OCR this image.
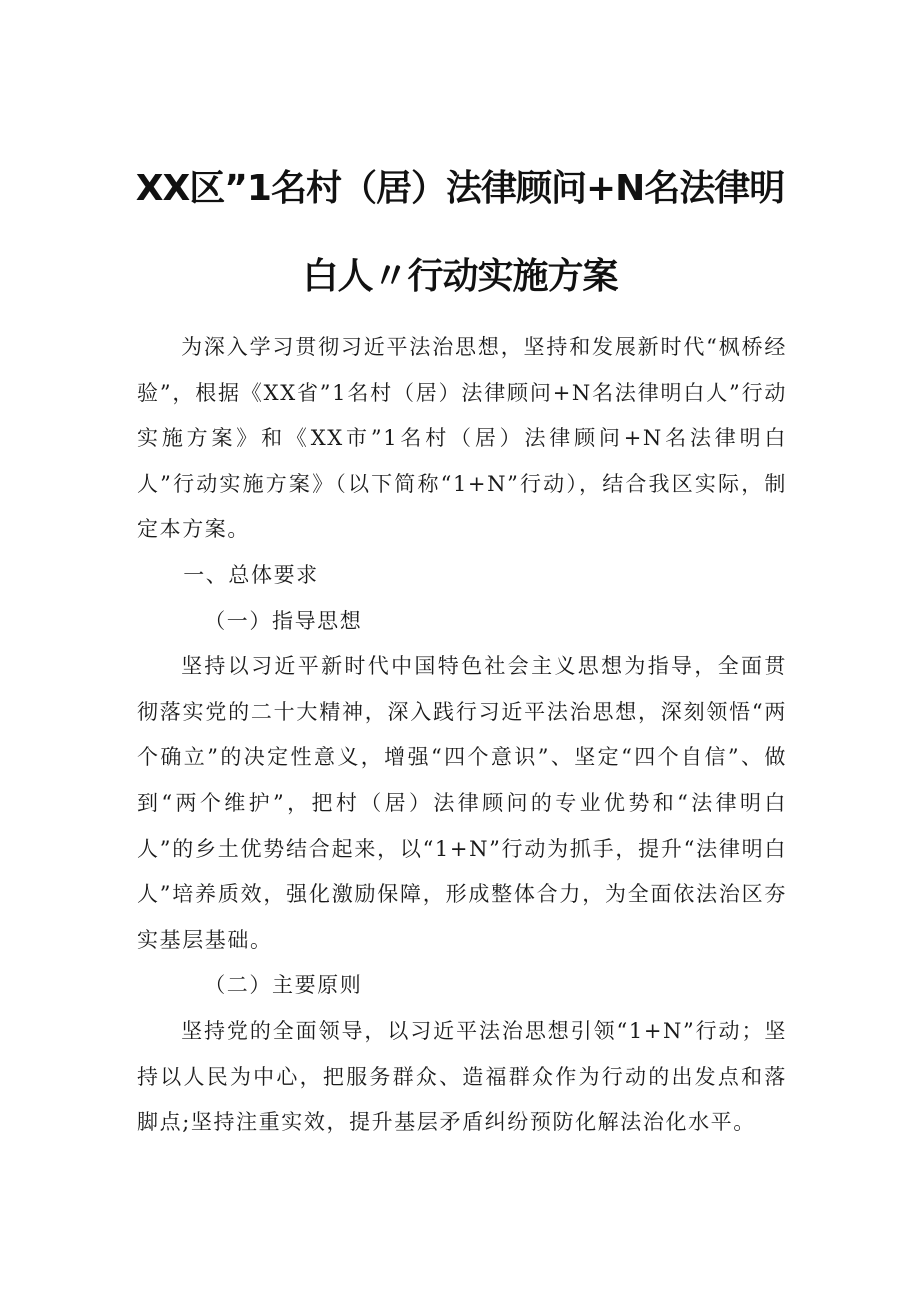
XX区”1名村（居）法律顾问+N名法律明
白人〃行动实施方案

为深入学习贯彻习近平法治思想，坚持和发展新时代“枫桥经验”，根据《XX省”1名村（居）法律顾问+N名法律明白人”行动实施方案》和《XX市”1名村（居）法律顾问+N名法律明白人”行动实施方案》（以下简称“1+N”行动），结合我区实际，制定本方案。

一、总体要求

（一）指导思想

坚持以习近平新时代中国特色社会主义思想为指导，全面贯彻落实党的二十大精神，深入践行习近平法治思想，深刻领悟“两个确立”的决定性意义，增强“四个意识”、坚定“四个自信”、做到“两个维护”，把村（居）法律顾问的专业优势和“法律明白人”的乡土优势结合起来，以“1+N”行动为抓手，提升“法律明白人”培养质效，强化激励保障，形成整体合力，为全面依法治区夯实基层基础。

（二）主要原则

坚持党的全面领导，以习近平法治思想引领“1+N”行动；坚持以人民为中心，把服务群众、造福群众作为行动的出发点和落脚点;坚持注重实效，提升基层矛盾纠纷预防化解法治化水平。
